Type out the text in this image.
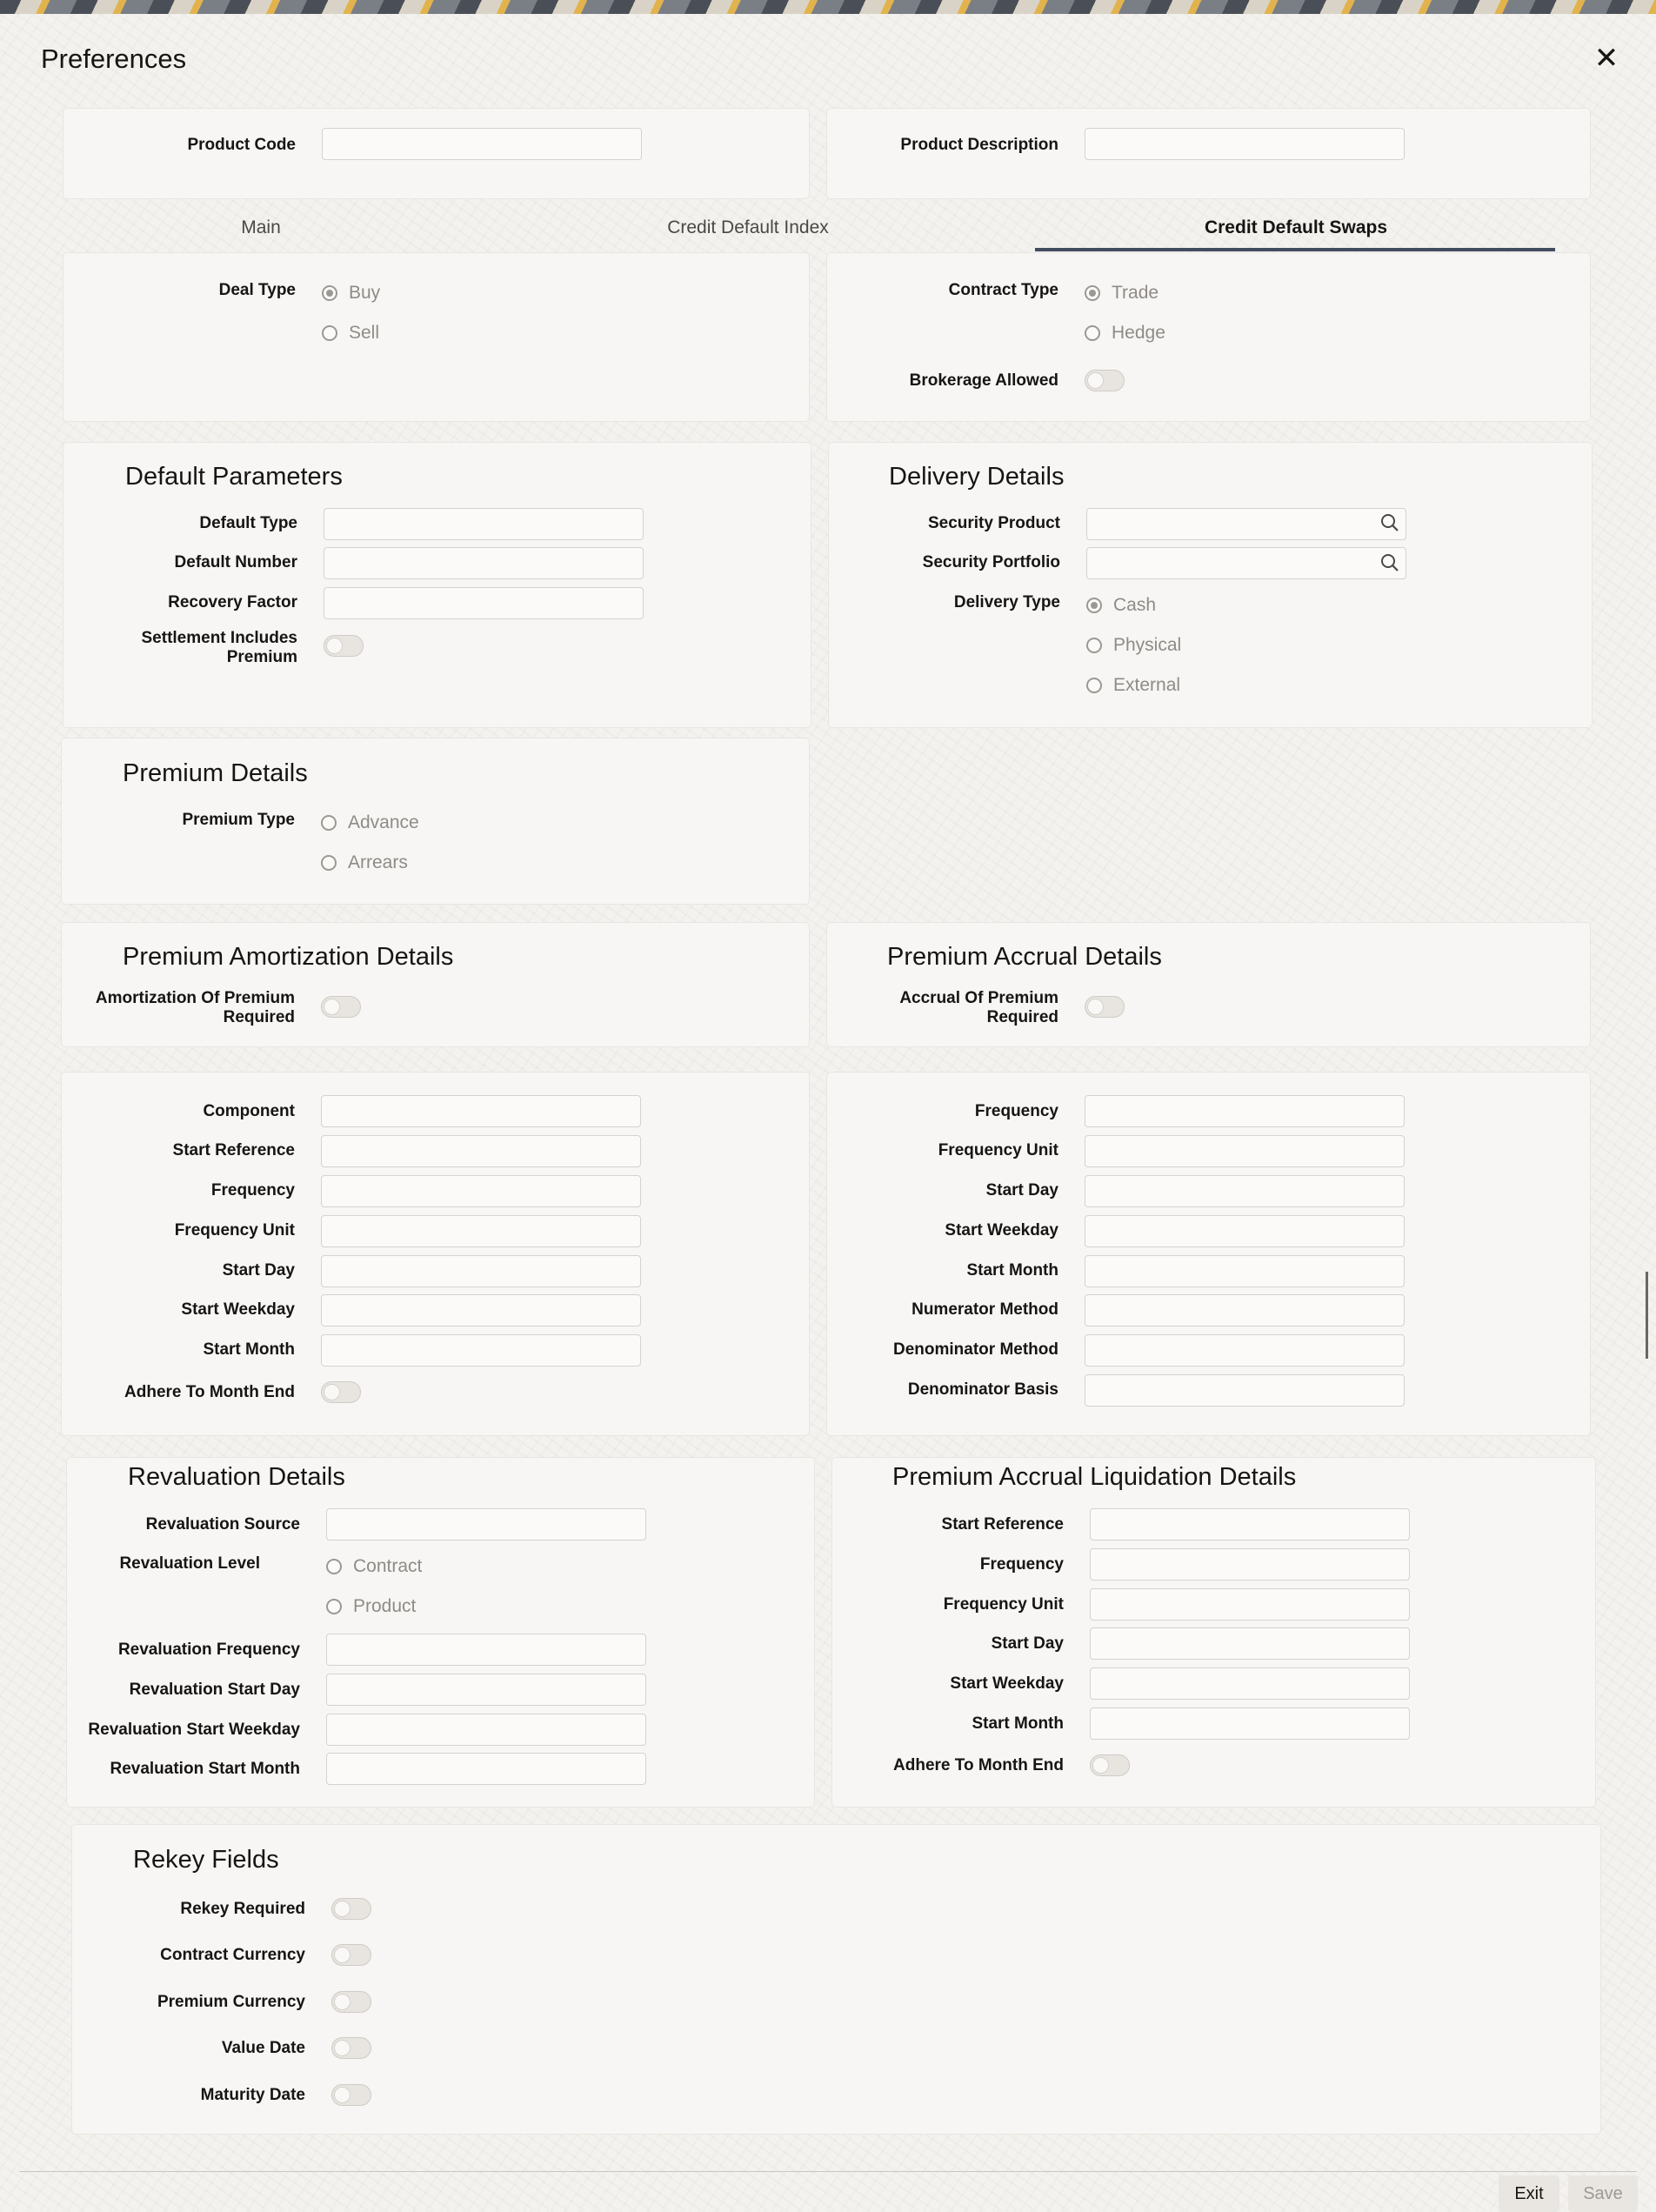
Preferences	✕
Product Code	Product Description
Main	Credit Default Index	Credit Default Swaps
Deal Type	Buy
Sell
Contract Type	Trade
Hedge
Brokerage Allowed
Default Parameters
Default Type
Default Number
Recovery Factor
Settlement Includes
Premium
Delivery Details
Security Product
Security Portfolio
Delivery Type	Cash
Physical
External
Premium Details
Premium Type	Advance
Arrears
Premium Amortization Details
Amortization Of Premium
Required
Premium Accrual Details
Accrual Of Premium
Required
Component
Start Reference
Frequency
Frequency Unit
Start Day
Start Weekday
Start Month
Adhere To Month End
Frequency
Frequency Unit
Start Day
Start Weekday
Start Month
Numerator Method
Denominator Method
Denominator Basis
Revaluation Details
Revaluation Source
Revaluation Level	Contract
Product
Revaluation Frequency
Revaluation Start Day
Revaluation Start Weekday
Revaluation Start Month
Premium Accrual Liquidation Details
Start Reference
Frequency
Frequency Unit
Start Day
Start Weekday
Start Month
Adhere To Month End
Rekey Fields
Rekey Required
Contract Currency
Premium Currency
Value Date
Maturity Date
Exit	Save
